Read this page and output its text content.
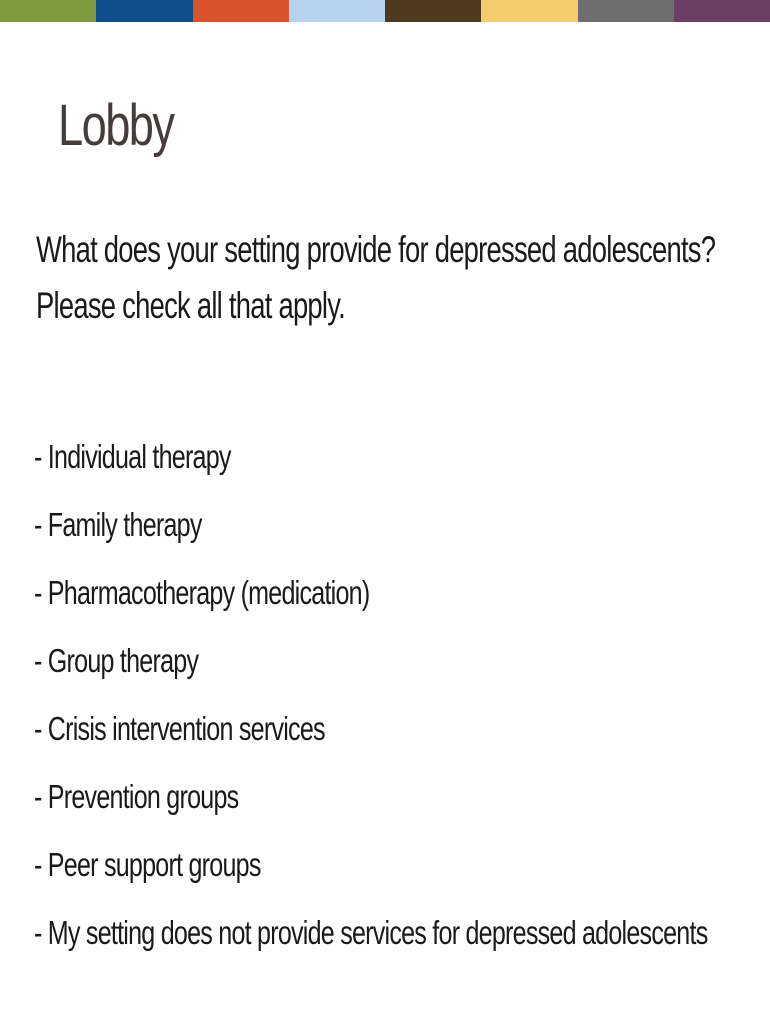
Lobby
What does your setting provide for depressed adolescents?
Please check all that apply.
- Individual therapy
- Family therapy
- Pharmacotherapy (medication)
- Group therapy
- Crisis intervention services
- Prevention groups
- Peer support groups
- My setting does not provide services for depressed adolescents
